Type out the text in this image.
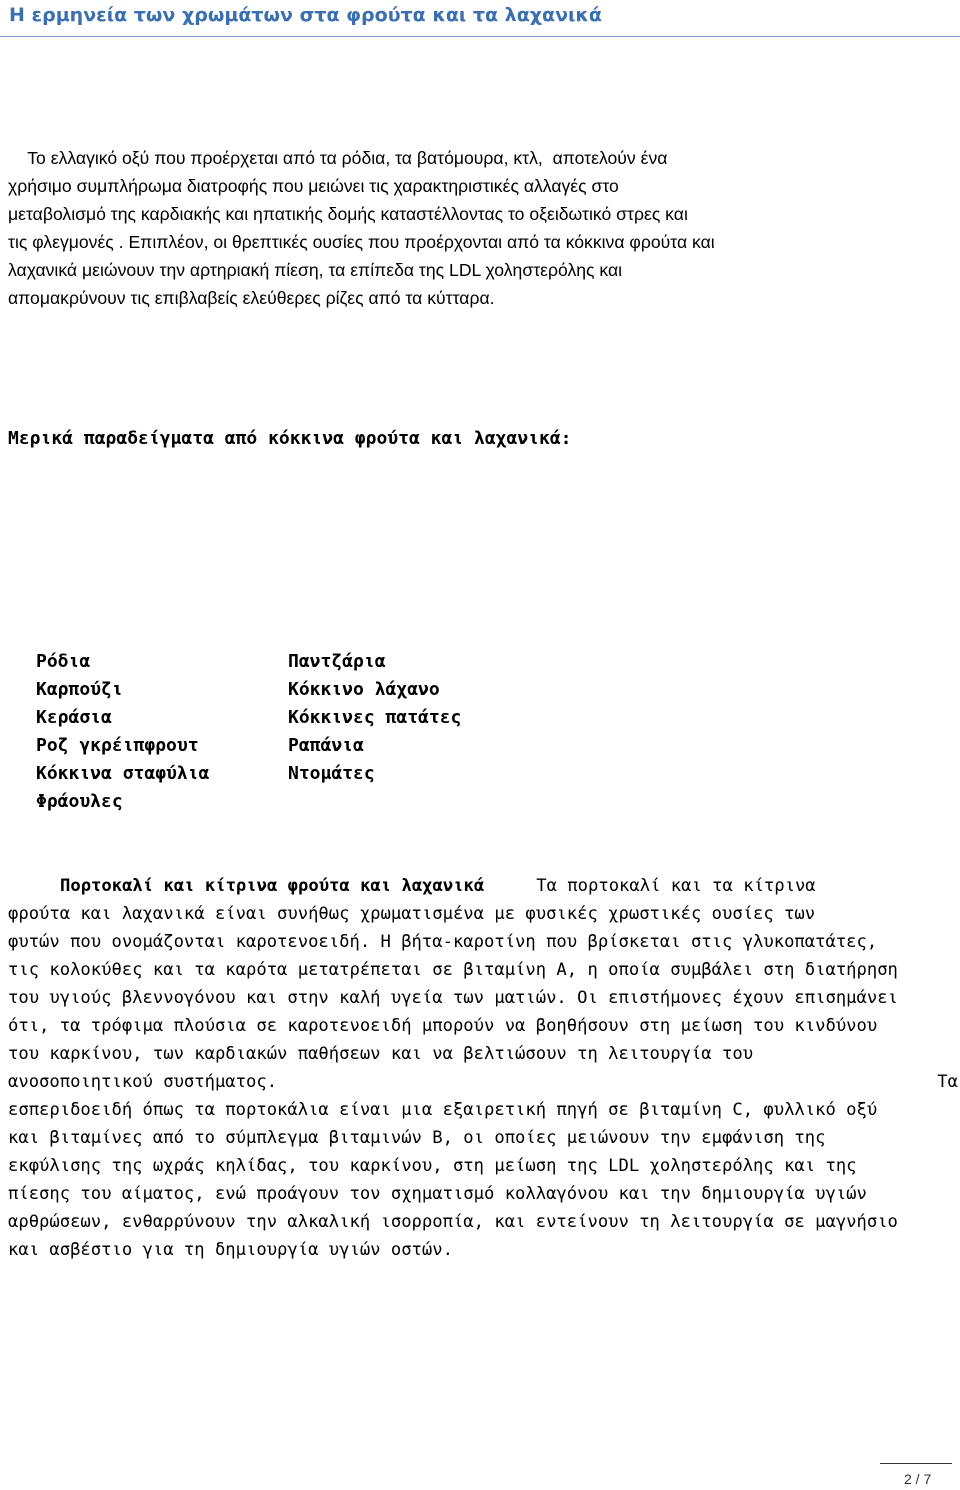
Η ερμηνεία των χρωμάτων στα φρούτα και τα λαχανικά

Το ελλαγικό οξύ που προέρχεται από τα ρόδια, τα βατόμουρα, κτλ,  αποτελούν ένα
χρήσιμο συμπλήρωμα διατροφής που μειώνει τις χαρακτηριστικές αλλαγές στο
μεταβολισμό της καρδιακής και ηπατικής δομής καταστέλλοντας το οξειδωτικό στρες και
τις φλεγμονές . Επιπλέον, οι θρεπτικές ουσίες που προέρχονται από τα κόκκινα φρούτα και
λαχανικά μειώνουν την αρτηριακή πίεση, τα επίπεδα της LDL χοληστερόλης και
απομακρύνουν τις επιβλαβείς ελεύθερες ρίζες από τα κύτταρα.

Μερικά παραδείγματα από κόκκινα φρούτα και λαχανικά:
Ρόδια
Καρπούζι
Κεράσια
Ροζ γκρέιπφρουτ
Κόκκινα σταφύλια
Φράουλες
Παντζάρια
Κόκκινο λάχανο
Κόκκινες πατάτες
Ραπάνια
Ντομάτες
Πορτοκαλί και κίτρινα φρούτα και λαχανικά	Τα πορτοκαλί και τα κίτρινα
φρούτα και λαχανικά είναι συνήθως χρωματισμένα με φυσικές χρωστικές ουσίες των
φυτών που ονομάζονται καροτενοειδή. Η βήτα-καροτίνη που βρίσκεται στις γλυκοπατάτες,
τις κολοκύθες και τα καρότα μετατρέπεται σε βιταμίνη Α, η οποία συμβάλει στη διατήρηση
του υγιούς βλεννογόνου και στην καλή υγεία των ματιών. Οι επιστήμονες έχουν επισημάνει
ότι, τα τρόφιμα πλούσια σε καροτενοειδή μπορούν να βοηθήσουν στη μείωση του κινδύνου
του καρκίνου, των καρδιακών παθήσεων και να βελτιώσουν τη λειτουργία του
ανοσοποιητικού συστήματος.	Τα
εσπεριδοειδή όπως τα πορτοκάλια είναι μια εξαιρετική πηγή σε βιταμίνη C, φυλλικό οξύ
και βιταμίνες από το σύμπλεγμα βιταμινών Β, οι οποίες μειώνουν την εμφάνιση της
εκφύλισης της ωχράς κηλίδας, του καρκίνου, στη μείωση της LDL χοληστερόλης και της
πίεσης του αίματος, ενώ προάγουν τον σχηματισμό κολλαγόνου και την δημιουργία υγιών
αρθρώσεων, ενθαρρύνουν την αλκαλική ισορροπία, και εντείνουν τη λειτουργία σε μαγνήσιο
και ασβέστιο για τη δημιουργία υγιών οστών.
2 / 7
